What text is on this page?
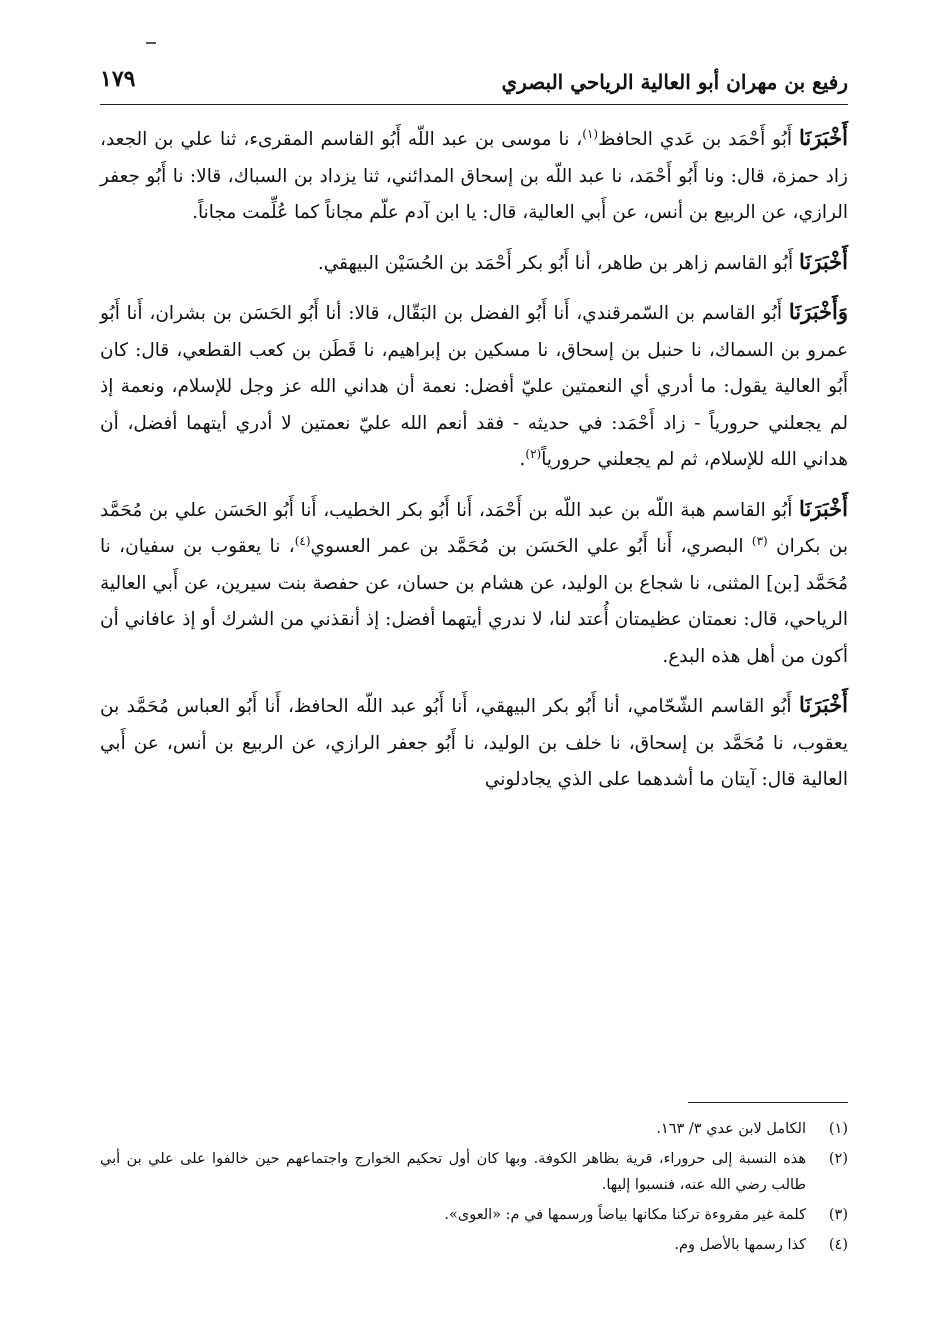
رفيع بن مهران أبو العالية الرياحي البصري
١٧٩

أَخْبَرَنَا أَبُو أَحْمَد بن عَدي الحافظ$^{(١)}$، نا موسى بن عبد اللّه أَبُو القاسم المقرىء، ثنا علي بن الجعد، زاد حمزة، قال: ونا أَبُو أَحْمَد، نا عبد اللّه بن إسحاق المدائني، ثنا يزداد بن السباك، قالا: نا أَبُو جعفر الرازي، عن الربيع بن أنس، عن أَبي العالية، قال: يا ابن آدم علّم مجاناً كما عُلِّمت مجاناً.

أَخْبَرَنَا أَبُو القاسم زاهر بن طاهر، أنا أَبُو بكر أَحْمَد بن الحُسَيْن البيهقي.

وَأَخْبَرَنَا أَبُو القاسم بن السّمرقندي، أَنا أَبُو الفضل بن البَقّال، قالا: أنا أَبُو الحَسَن بن بشران، أَنا أَبُو عمرو بن السماك، نا حنبل بن إسحاق، نا مسكين بن إبراهيم، نا قَطَن بن كعب القطعي، قال: كان أَبُو العالية يقول: ما أدري أي النعمتين عليّ أفضل: نعمة أن هداني الله عز وجل للإسلام، ونعمة إذ لم يجعلني حرورياً - زاد أَحْمَد: في حديثه - فقد أنعم الله عليّ نعمتين لا أدري أيتهما أفضل، أن هداني الله للإسلام، ثم لم يجعلني حرورياً$^{(٢)}$.

أَخْبَرَنَا أَبُو القاسم هبة اللّه بن عبد اللّه بن أَحْمَد، أَنا أَبُو بكر الخطيب، أَنا أَبُو الحَسَن علي بن مُحَمَّد بن بكران $^{(٣)}$ البصري، أَنا أَبُو علي الحَسَن بن مُحَمَّد بن عمر العسوي$^{(٤)}$، نا يعقوب بن سفيان، نا مُحَمَّد [بن] المثنى، نا شجاع بن الوليد، عن هشام بن حسان، عن حفصة بنت سيرين، عن أَبي العالية الرياحي، قال: نعمتان عظيمتان أُعتد لنا، لا ندري أيتهما أفضل: إذ أنقذني من الشرك أو إذ عافاني أن أكون من أهل هذه البدع.

أَخْبَرَنَا أَبُو القاسم الشّحّامي، أنا أَبُو بكر البيهقي، أَنا أَبُو عبد اللّه الحافظ، أَنا أَبُو العباس مُحَمَّد بن يعقوب، نا مُحَمَّد بن إسحاق، نا خلف بن الوليد، نا أَبُو جعفر الرازي، عن الربيع بن أنس، عن أَبي العالية قال: آيتان ما أشدهما على الذي يجادلوني

(١)
الكامل لابن عدي ٣/ ١٦٣.
(٢)
هذه النسبة إلى حروراء، قرية بظاهر الكوفة. وبها كان أول تحكيم الخوارج واجتماعهم حين خالفوا على علي بن أبي طالب رضي الله عنه، فنسبوا إليها.
(٣)
كلمة غير مقروءة تركنا مكانها بياضاً ورسمها في م: «العوى».
(٤)
كذا رسمها بالأصل وم.
